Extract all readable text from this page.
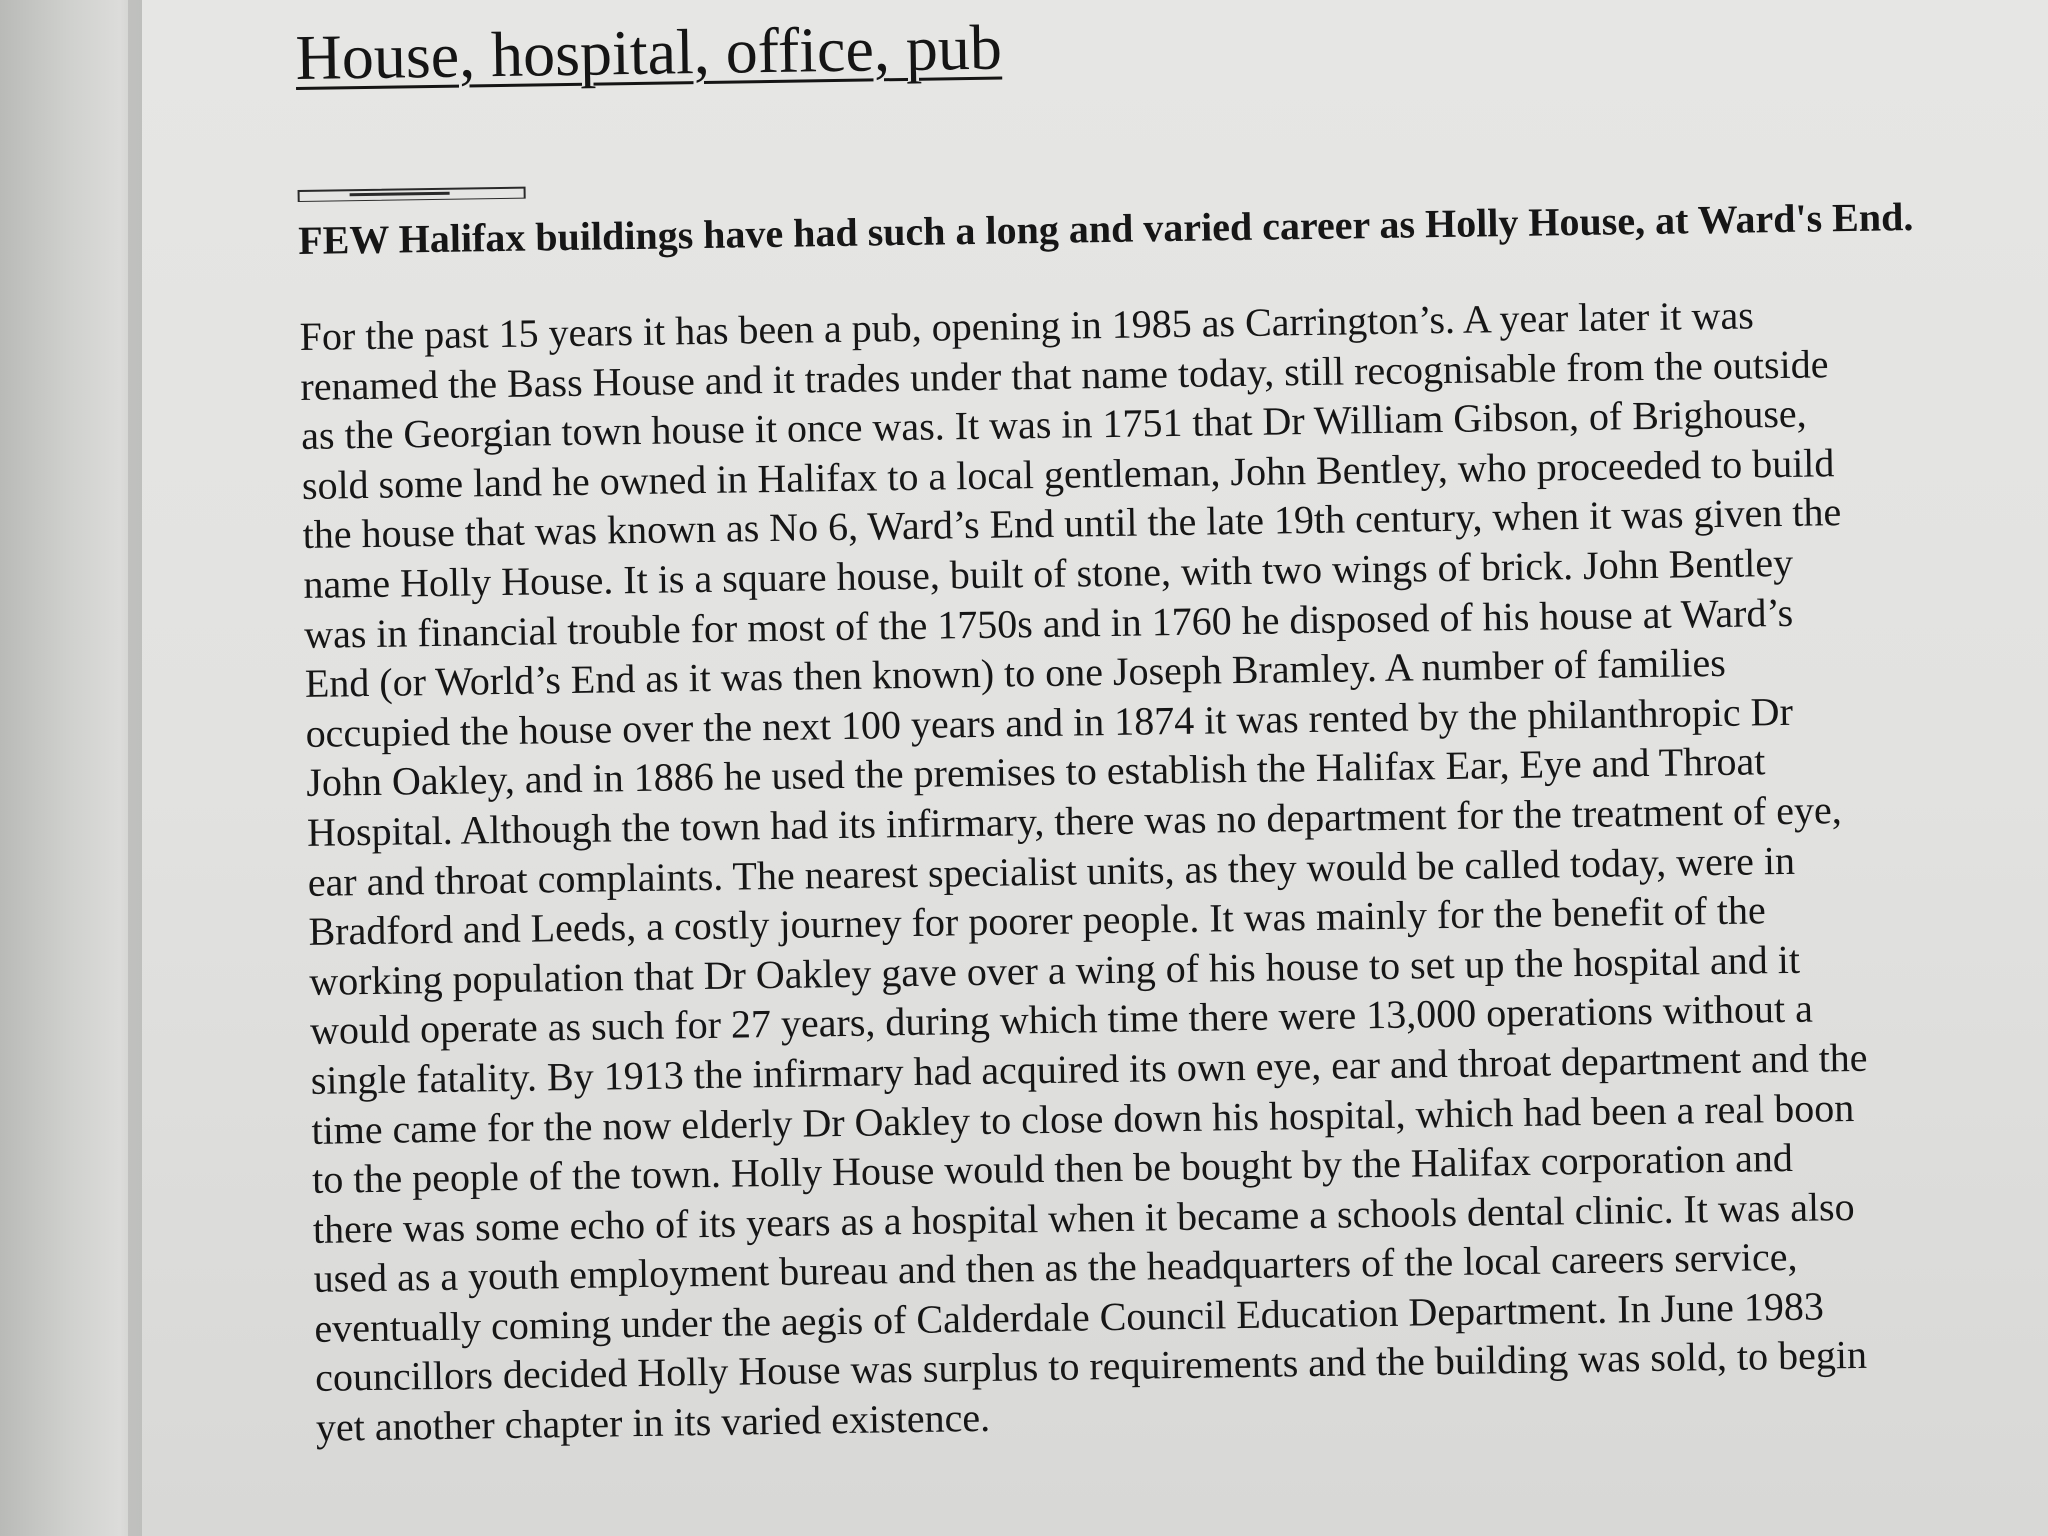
House, hospital, office, pub

FEW Halifax buildings have had such a long and varied career as Holly House, at Ward's End.

For the past 15 years it has been a pub, opening in 1985 as Carrington’s. A year later it was
renamed the Bass House and it trades under that name today, still recognisable from the outside
as the Georgian town house it once was. It was in 1751 that Dr William Gibson, of Brighouse,
sold some land he owned in Halifax to a local gentleman, John Bentley, who proceeded to build
the house that was known as No 6, Ward’s End until the late 19th century, when it was given the
name Holly House. It is a square house, built of stone, with two wings of brick. John Bentley
was in financial trouble for most of the 1750s and in 1760 he disposed of his house at Ward’s
End (or World’s End as it was then known) to one Joseph Bramley. A number of families
occupied the house over the next 100 years and in 1874 it was rented by the philanthropic Dr
John Oakley, and in 1886 he used the premises to establish the Halifax Ear, Eye and Throat
Hospital. Although the town had its infirmary, there was no department for the treatment of eye,
ear and throat complaints. The nearest specialist units, as they would be called today, were in
Bradford and Leeds, a costly journey for poorer people. It was mainly for the benefit of the
working population that Dr Oakley gave over a wing of his house to set up the hospital and it
would operate as such for 27 years, during which time there were 13,000 operations without a
single fatality. By 1913 the infirmary had acquired its own eye, ear and throat department and the
time came for the now elderly Dr Oakley to close down his hospital, which had been a real boon
to the people of the town. Holly House would then be bought by the Halifax corporation and
there was some echo of its years as a hospital when it became a schools dental clinic. It was also
used as a youth employment bureau and then as the headquarters of the local careers service,
eventually coming under the aegis of Calderdale Council Education Department. In June 1983
councillors decided Holly House was surplus to requirements and the building was sold, to begin
yet another chapter in its varied existence.
